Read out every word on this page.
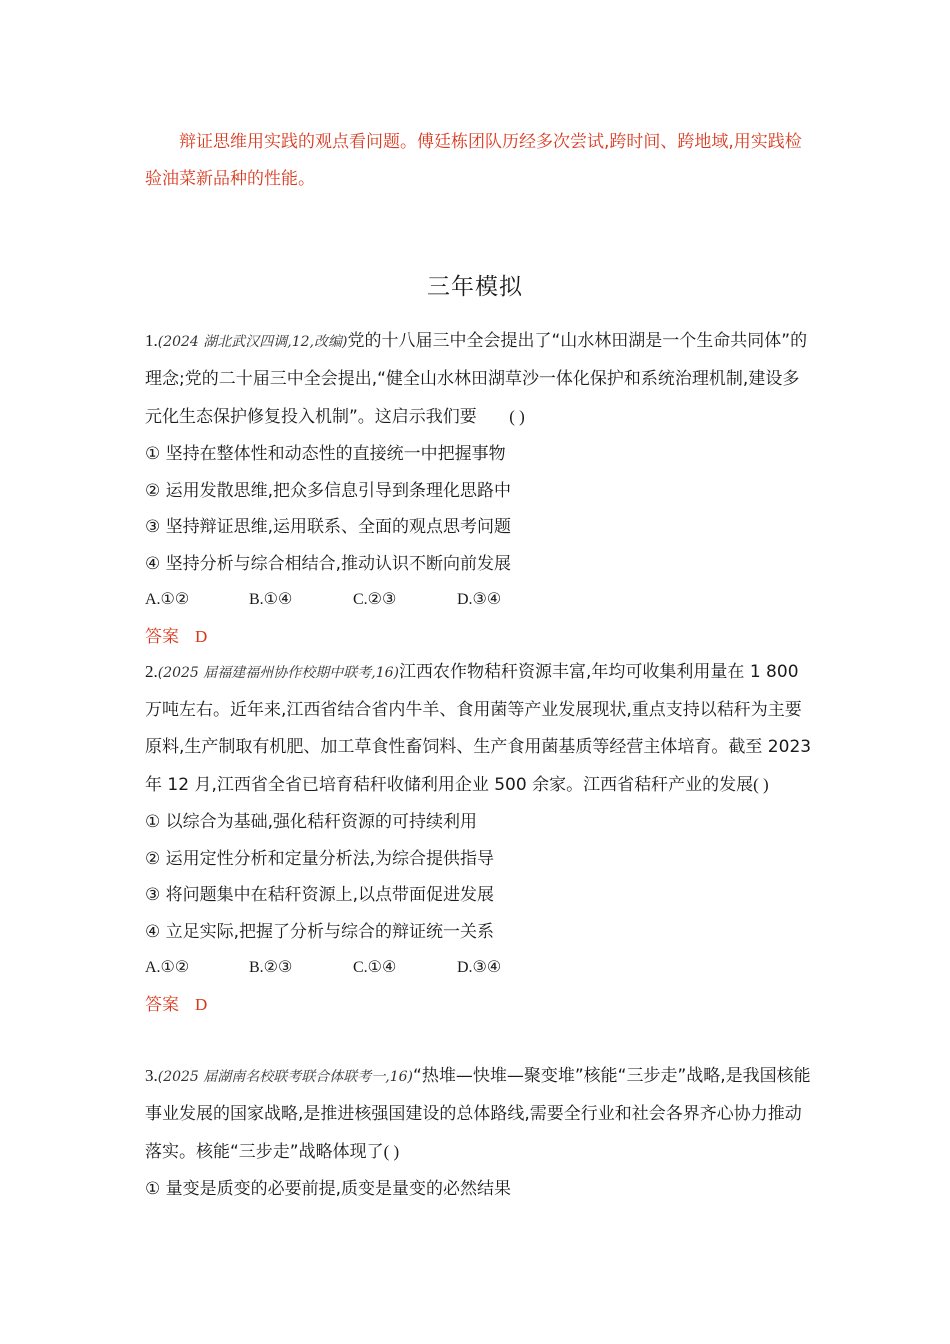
辩证思维用实践的观点看问题。傅廷栋团队历经多次尝试,跨时间、跨地域,用实践检验油菜新品种的性能。

三年模拟

1.(2024 湖北武汉四调,12,改编)党的十八届三中全会提出了“山水林田湖是一个生命共同体”的理念;党的二十届三中全会提出,“健全山水林田湖草沙一体化保护和系统治理机制,建设多元化生态保护修复投入机制”。这启示我们要 ( )

① 坚持在整体性和动态性的直接统一中把握事物

② 运用发散思维,把众多信息引导到条理化思路中

③ 坚持辩证思维,运用联系、全面的观点思考问题

④ 坚持分析与综合相结合,推动认识不断向前发展

A.①②	B.①④	C.②③	D.③④
答案 D

2.(2025 届福建福州协作校期中联考,16)江西农作物秸秆资源丰富,年均可收集利用量在 1 800 万吨左右。近年来,江西省结合省内牛羊、食用菌等产业发展现状,重点支持以秸秆为主要原料,生产制取有机肥、加工草食性畜饲料、生产食用菌基质等经营主体培育。截至 2023 年 12 月,江西省全省已培育秸秆收储利用企业 500 余家。江西省秸秆产业的发展( )

① 以综合为基础,强化秸秆资源的可持续利用

② 运用定性分析和定量分析法,为综合提供指导

③ 将问题集中在秸秆资源上,以点带面促进发展

④ 立足实际,把握了分析与综合的辩证统一关系

A.①②	B.②③	C.①④	D.③④
答案 D

3.(2025 届湖南名校联考联合体联考一,16)“热堆—快堆—聚变堆”核能“三步走”战略,是我国核能事业发展的国家战略,是推进核强国建设的总体路线,需要全行业和社会各界齐心协力推动落实。核能“三步走”战略体现了( )

① 量变是质变的必要前提,质变是量变的必然结果
